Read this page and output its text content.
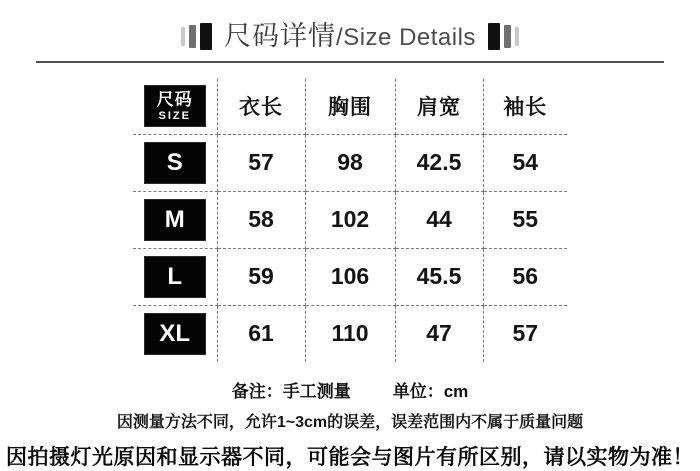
尺码详情/Size Details
尺码
SIZE	衣长	胸围	肩宽	袖长

S	57	98	42.5	54

M	58	102	44	55

L	59	106	45.5	56

XL	61	110	47	57
备注：手工测量 单位：cm
因测量方法不同，允许1~3cm的误差，误差范围内不属于质量问题
因拍摄灯光原因和显示器不同，可能会与图片有所区别，请以实物为准！
